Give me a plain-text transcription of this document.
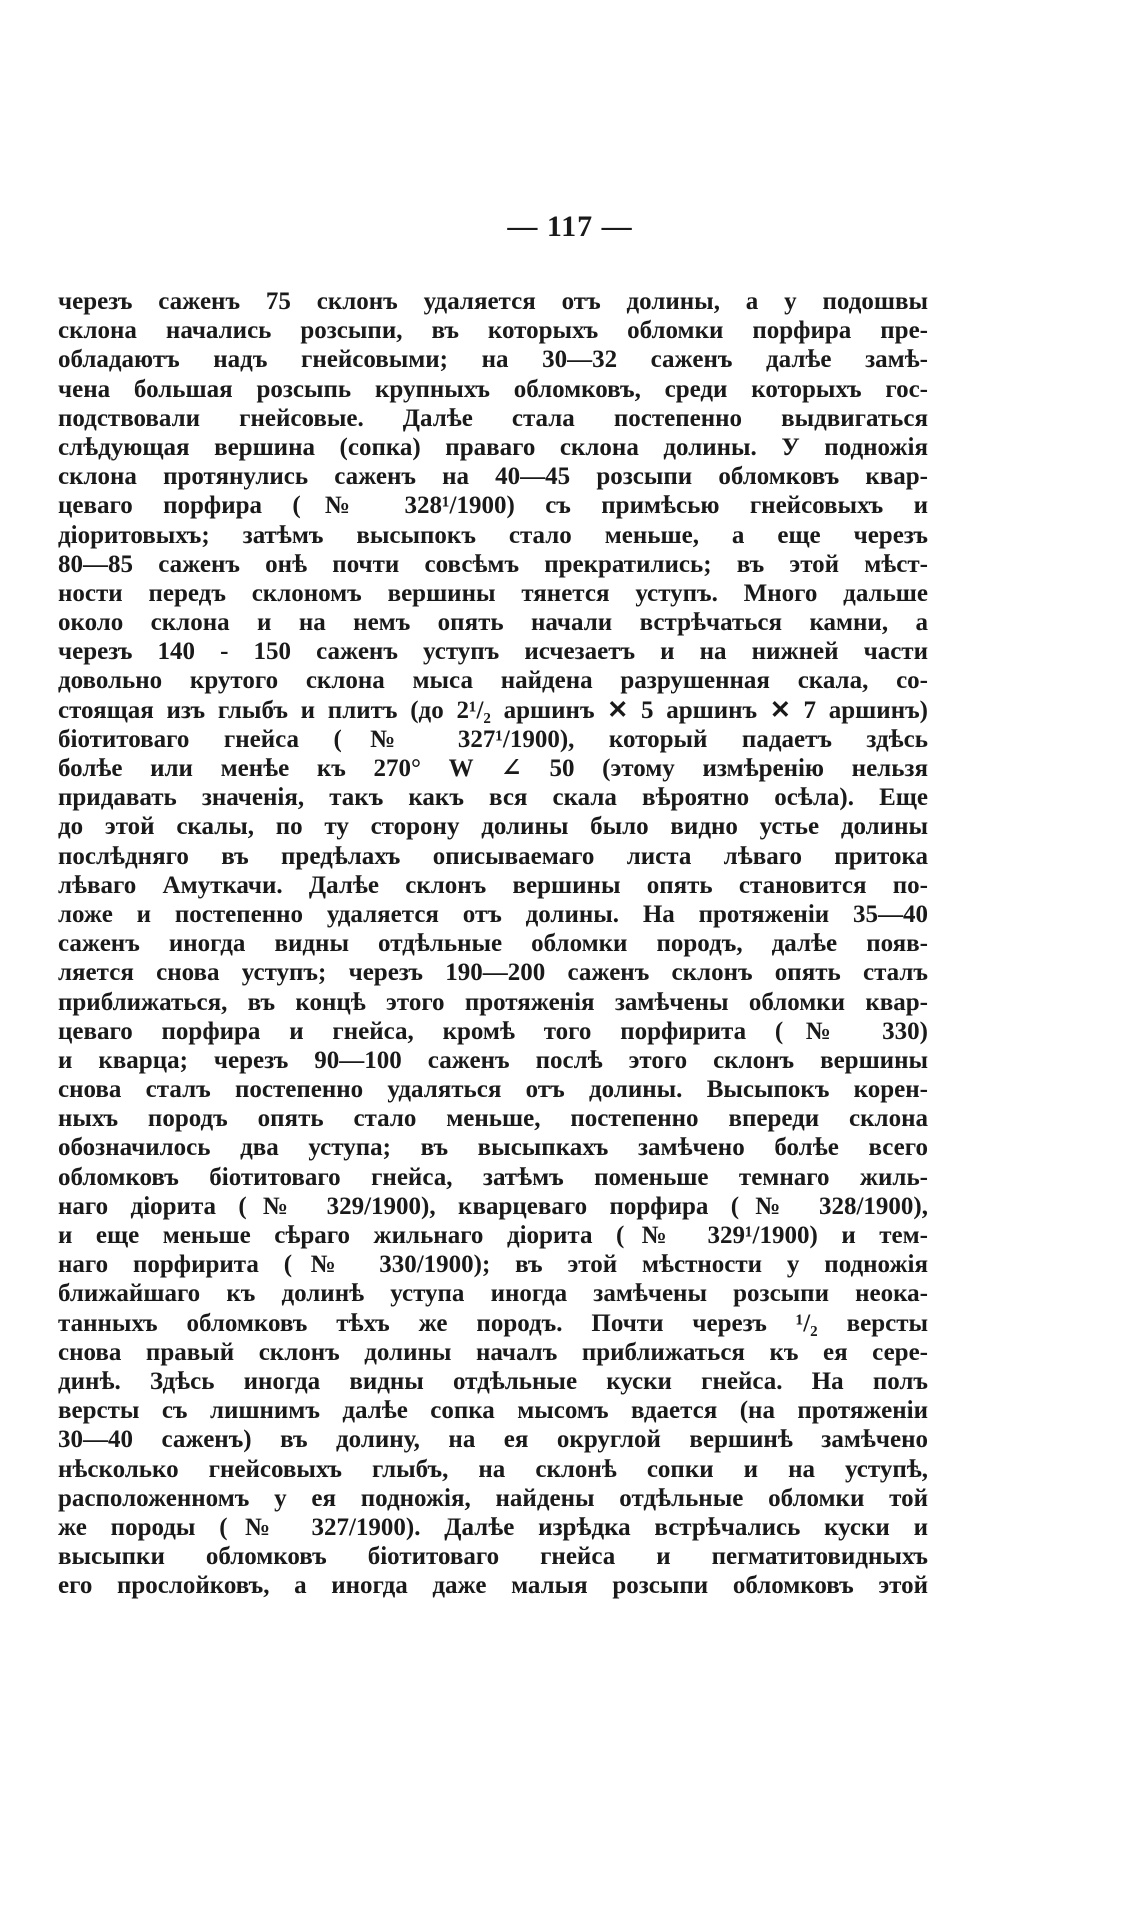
— 117 —
черезъ саженъ 75 склонъ удаляется отъ долины, а у подошвы
склона начались розсыпи, въ которыхъ обломки порфира пре-
обладаютъ надъ гнейсовыми; на 30—32 саженъ далѣе замѣ-
чена большая розсыпь крупныхъ обломковъ, среди которыхъ гос-
подствовали гнейсовые. Далѣе стала постепенно выдвигаться
слѣдующая вершина (сопка) праваго склона долины. У подножія
склона протянулись саженъ на 40—45 розсыпи обломковъ квар-
цеваго порфира (№ 328¹/1900) съ примѣсью гнейсовыхъ и
діоритовыхъ; затѣмъ высыпокъ стало меньше, а еще черезъ
80—85 саженъ онѣ почти совсѣмъ прекратились; въ этой мѣст-
ности передъ склономъ вершины тянется уступъ. Много дальше
около склона и на немъ опять начали встрѣчаться камни, а
черезъ 140 - 150 саженъ уступъ исчезаетъ и на нижней части
довольно крутого склона мыса найдена разрушенная скала, со-
стоящая изъ глыбъ и плитъ (до 2¹/₂ аршинъ ✕ 5 аршинъ ✕ 7 аршинъ)
біотитоваго гнейса (№ 327¹/1900), который падаетъ здѣсь
болѣе или менѣе къ 270° W ∠ 50 (этому измѣренію нельзя
придавать значенія, такъ какъ вся скала вѣроятно осѣла). Еще
до этой скалы, по ту сторону долины было видно устье долины
послѣдняго въ предѣлахъ описываемаго листа лѣваго притока
лѣваго Амуткачи. Далѣе склонъ вершины опять становится по-
ложе и постепенно удаляется отъ долины. На протяженіи 35—40
саженъ иногда видны отдѣльные обломки породъ, далѣе появ-
ляется снова уступъ; черезъ 190—200 саженъ склонъ опять сталъ
приближаться, въ концѣ этого протяженія замѣчены обломки квар-
цеваго порфира и гнейса, кромѣ того порфирита (№ 330)
и кварца; черезъ 90—100 саженъ послѣ этого склонъ вершины
снова сталъ постепенно удаляться отъ долины. Высыпокъ корен-
ныхъ породъ опять стало меньше, постепенно впереди склона
обозначилось два уступа; въ высыпкахъ замѣчено болѣе всего
обломковъ біотитоваго гнейса, затѣмъ поменьше темнаго жиль-
наго діорита (№ 329/1900), кварцеваго порфира (№ 328/1900),
и еще меньше сѣраго жильнаго діорита (№ 329¹/1900) и тем-
наго порфирита (№ 330/1900); въ этой мѣстности у подножія
ближайшаго къ долинѣ уступа иногда замѣчены розсыпи неока-
танныхъ обломковъ тѣхъ же породъ. Почти черезъ ¹/₂ версты
снова правый склонъ долины началъ приближаться къ ея сере-
динѣ. Здѣсь иногда видны отдѣльные куски гнейса. На полъ
версты съ лишнимъ далѣе сопка мысомъ вдается (на протяженіи
30—40 саженъ) въ долину, на ея округлой вершинѣ замѣчено
нѣсколько гнейсовыхъ глыбъ, на склонѣ сопки и на уступѣ,
расположенномъ у ея подножія, найдены отдѣльные обломки той
же породы (№ 327/1900). Далѣе изрѣдка встрѣчались куски и
высыпки обломковъ біотитоваго гнейса и пегматитовидныхъ
его прослойковъ, а иногда даже малыя розсыпи обломковъ этой
